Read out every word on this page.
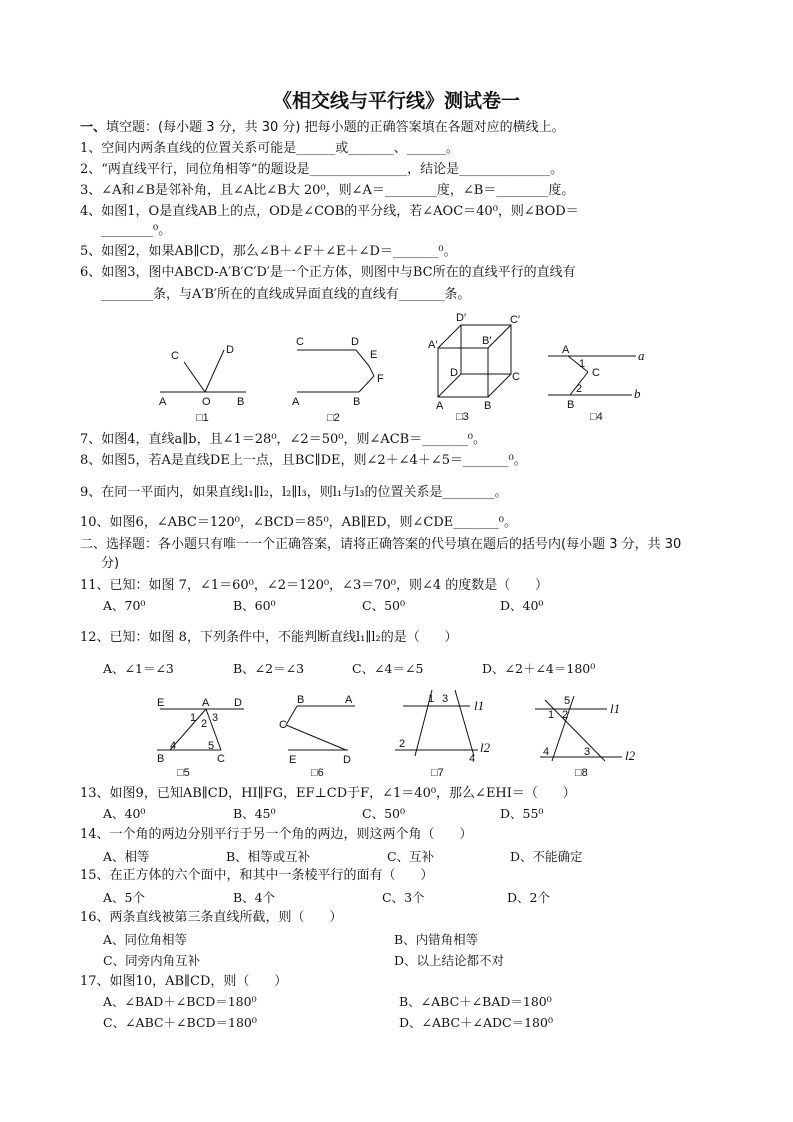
《相交线与平行线》测试卷一
一、填空题：(每小题 3 分，共 30 分) 把每小题的正确答案填在各题对应的横线上。
1、空间内两条直线的位置关系可能是______或_______、______。
2、“两直线平行，同位角相等”的题设是_______________，结论是______________。
3、∠A和∠B是邻补角，且∠A比∠B大 20⁰，则∠A＝________度，∠B＝________度。
4、如图1，O是直线AB上的点，OD是∠COB的平分线，若∠AOC＝40⁰，则∠BOD＝
________⁰。
5、如图2，如果AB∥CD，那么∠B＋∠F＋∠E＋∠D＝_______⁰。
6、如图3，图中ABCD-A′B′C′D′是一个正方体，则图中与BC所在的直线平行的直线有
________条，与A′B′所在的直线成异面直线的直线有_______条。
C	D
A	O B
□1
C	D
E
F
A	B
□2
D′	C′
A′	B′
D	C
A	B
□3
A	a
1
C
2	b
B
□4
7、如图4，直线a∥b，且∠1＝28⁰，∠2＝50⁰，则∠ACB＝_______⁰。
8、如图5，若A是直线DE上一点，且BC∥DE，则∠2＋∠4＋∠5＝_______⁰。
9、在同一平面内，如果直线l₁∥l₂，l₂∥l₃，则l₁与l₃的位置关系是________。
10、如图6，∠ABC＝120⁰，∠BCD＝85⁰，AB∥ED，则∠CDE_______⁰。
二、选择题：各小题只有唯一一个正确答案，请将正确答案的代号填在题后的括号内(每小题 3 分，共 30
分)
11、已知：如图 7，∠1＝60⁰，∠2＝120⁰，∠3＝70⁰，则∠4 的度数是（      ）
A、70⁰	B、60⁰	C、50⁰	D、40⁰
12、已知：如图 8，下列条件中，不能判断直线l₁∥l₂的是（      ）
A、∠1＝∠3	B、∠2＝∠3	C、∠4＝∠5	D、∠2＋∠4＝180⁰
E	A D
1 2 3
B
4	5
C
□5
B	A
C
E	D
□6
1 3 l1
2
4
l2
□7
5	l1
1 2
4	3	l2
□8
13、如图9，已知AB∥CD，HI∥FG，EF⊥CD于F，∠1＝40⁰，那么∠EHI＝（      ）
A、40⁰	B、45⁰	C、50⁰	D、55⁰
14、一个角的两边分别平行于另一个角的两边，则这两个角（      ）
A、相等	B、相等或互补	C、互补	D、不能确定
15、在正方体的六个面中，和其中一条棱平行的面有（      ）
A、5个	B、4个	C、3个	D、2个
16、两条直线被第三条直线所截，则（      ）
A、同位角相等	B、内错角相等
C、同旁内角互补	D、以上结论都不对
17、如图10，AB∥CD，则（      ）
A、∠BAD＋∠BCD＝180⁰	B、∠ABC＋∠BAD＝180⁰
C、∠ABC＋∠BCD＝180⁰	D、∠ABC＋∠ADC＝180⁰
